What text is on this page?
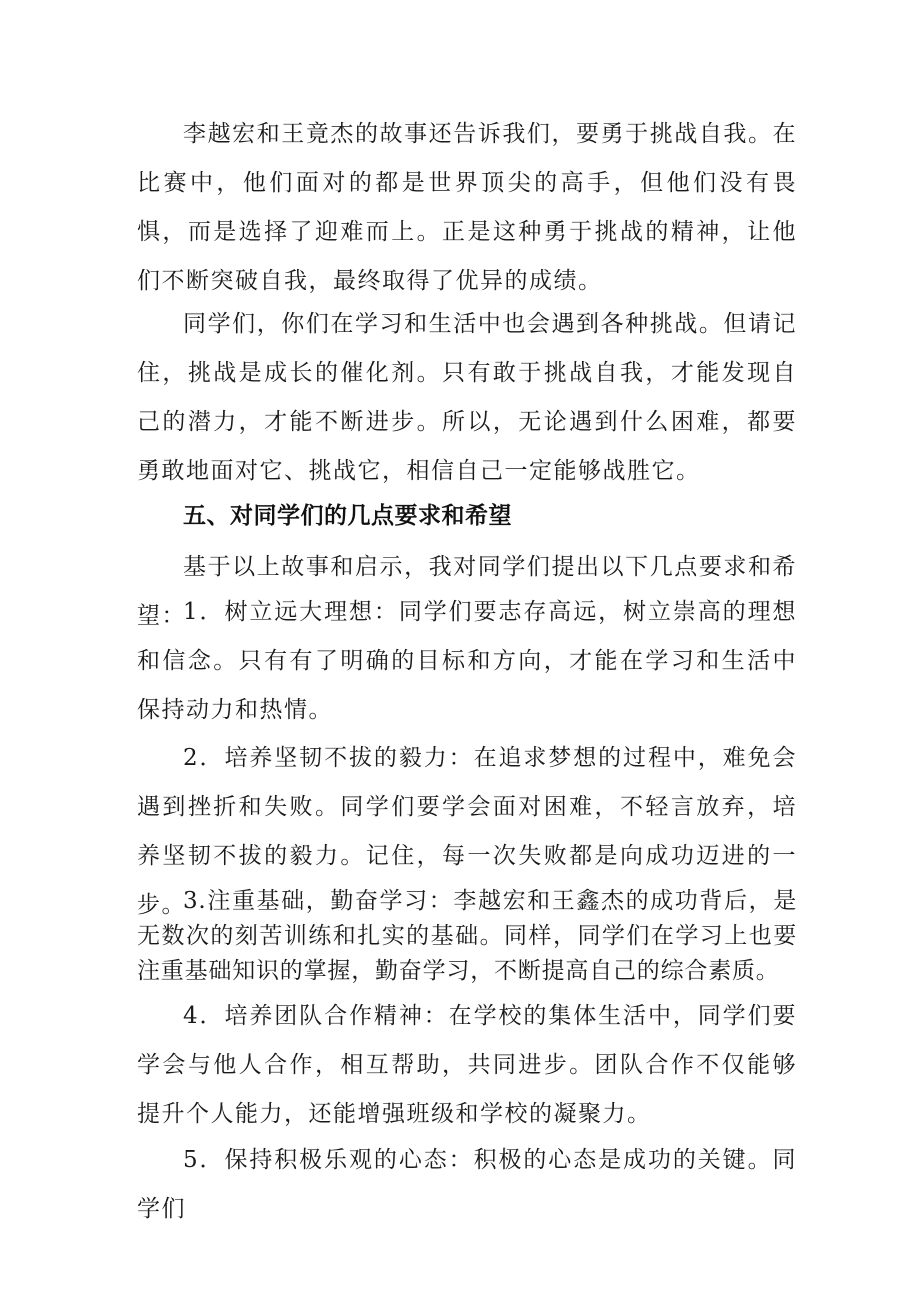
李越宏和王竟杰的故事还告诉我们，要勇于挑战自我。在比赛中，他们面对的都是世界顶尖的高手，但他们没有畏惧，而是选择了迎难而上。正是这种勇于挑战的精神，让他们不断突破自我，最终取得了优异的成绩。

同学们，你们在学习和生活中也会遇到各种挑战。但请记住，挑战是成长的催化剂。只有敢于挑战自我，才能发现自己的潜力，才能不断进步。所以，无论遇到什么困难，都要勇敢地面对它、挑战它，相信自己一定能够战胜它。

五、对同学们的几点要求和希望

基于以上故事和启示，我对同学们提出以下几点要求和希望：

1．树立远大理想：同学们要志存高远，树立崇高的理想和信念。只有有了明确的目标和方向，才能在学习和生活中保持动力和热情。

2．培养坚韧不拔的毅力：在追求梦想的过程中，难免会遇到挫折和失败。同学们要学会面对困难，不轻言放弃，培养坚韧不拔的毅力。记住，每一次失败都是向成功迈进的一步。

3.注重基础，勤奋学习：李越宏和王鑫杰的成功背后，是无数次的刻苦训练和扎实的基础。同样，同学们在学习上也要注重基础知识的掌握，勤奋学习，不断提高自己的综合素质。

4．培养团队合作精神：在学校的集体生活中，同学们要学会与他人合作，相互帮助，共同进步。团队合作不仅能够提升个人能力，还能增强班级和学校的凝聚力。

5．保持积极乐观的心态：积极的心态是成功的关键。同学们
